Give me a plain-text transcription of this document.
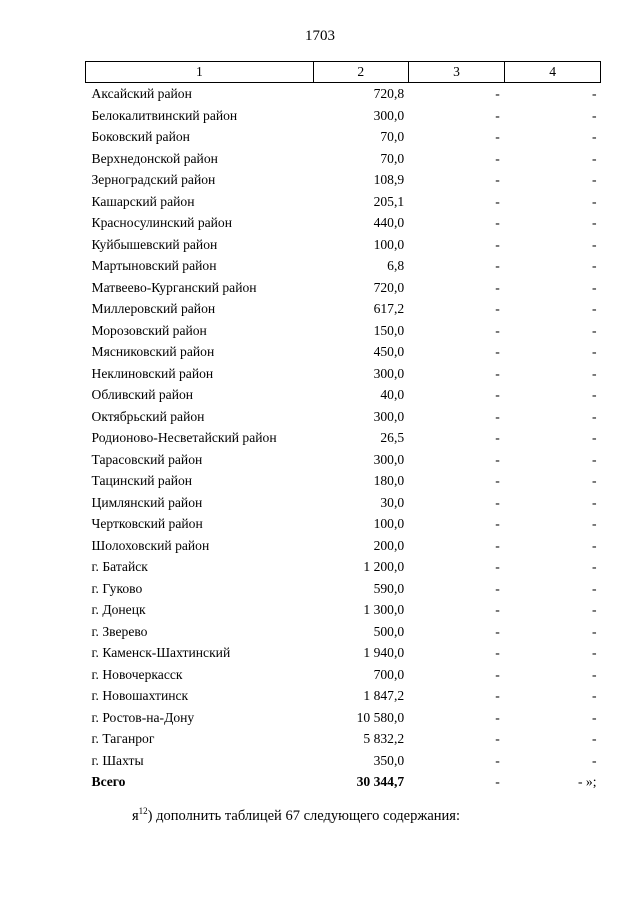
1703
1	2	3	4
Аксайский район	720,8	-	-
Белокалитвинский район	300,0	-	-
Боковский район	70,0	-	-
Верхнедонской район	70,0	-	-
Зерноградский район	108,9	-	-
Кашарский район	205,1	-	-
Красносулинский район	440,0	-	-
Куйбышевский район	100,0	-	-
Мартыновский район	6,8	-	-
Матвеево-Курганский район	720,0	-	-
Миллеровский район	617,2	-	-
Морозовский район	150,0	-	-
Мясниковский район	450,0	-	-
Неклиновский район	300,0	-	-
Обливский район	40,0	-	-
Октябрьский район	300,0	-	-
Родионово-Несветайский район	26,5	-	-
Тарасовский район	300,0	-	-
Тацинский район	180,0	-	-
Цимлянский район	30,0	-	-
Чертковский район	100,0	-	-
Шолоховский район	200,0	-	-
г. Батайск	1 200,0	-	-
г. Гуково	590,0	-	-
г. Донецк	1 300,0	-	-
г. Зверево	500,0	-	-
г. Каменск-Шахтинский	1 940,0	-	-
г. Новочеркасск	700,0	-	-
г. Новошахтинск	1 847,2	-	-
г. Ростов-на-Дону	10 580,0	-	-
г. Таганрог	5 832,2	-	-
г. Шахты	350,0	-	-
Всего	30 344,7	-	- »;
$я^{12}$) дополнить таблицей 67 следующего содержания:
